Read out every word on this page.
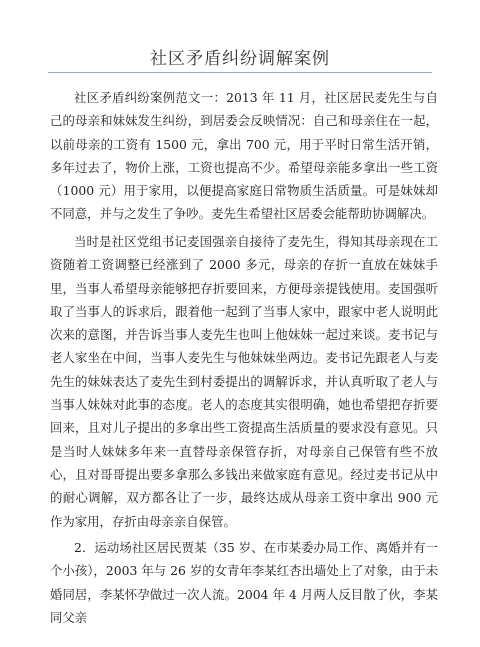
社区矛盾纠纷调解案例

社区矛盾纠纷案例范文一：2013 年 11 月，社区居民麦先生与自己的母亲和妹妹发生纠纷，到居委会反映情况：自己和母亲住在一起，以前母亲的工资有 1500 元，拿出 700 元，用于平时日常生活开销，多年过去了，物价上涨，工资也提高不少。希望母亲能多拿出一些工资（1000 元）用于家用，以便提高家庭日常物质生活质量。可是妹妹却不同意，并与之发生了争吵。麦先生希望社区居委会能帮助协调解决。

当时是社区党组书记麦国强亲自接待了麦先生，得知其母亲现在工资随着工资调整已经涨到了 2000 多元，母亲的存折一直放在妹妹手里，当事人希望母亲能够把存折要回来，方便母亲提钱使用。麦国强听取了当事人的诉求后，跟着他一起到了当事人家中，跟家中老人说明此次来的意图，并告诉当事人麦先生也叫上他妹妹一起过来谈。麦书记与老人家坐在中间，当事人麦先生与他妹妹坐两边。麦书记先跟老人与麦先生的妹妹表达了麦先生到村委提出的调解诉求，并认真听取了老人与当事人妹妹对此事的态度。老人的态度其实很明确，她也希望把存折要回来，且对儿子提出的多拿出些工资提高生活质量的要求没有意见。只是当时人妹妹多年来一直替母亲保管存折，对母亲自己保管有些不放心，且对哥哥提出要多拿那么多钱出来做家庭有意见。经过麦书记从中的耐心调解，双方都各让了一步，最终达成从母亲工资中拿出 900 元作为家用，存折由母亲亲自保管。

2．运动场社区居民贾某（35 岁、在市某委办局工作、离婚并有一个小孩），2003 年与 26 岁的女青年李某红杏出墙处上了对象，由于未婚同居，李某怀孕做过一次人流。2004 年 4 月两人反目散了伙，李某同父亲
